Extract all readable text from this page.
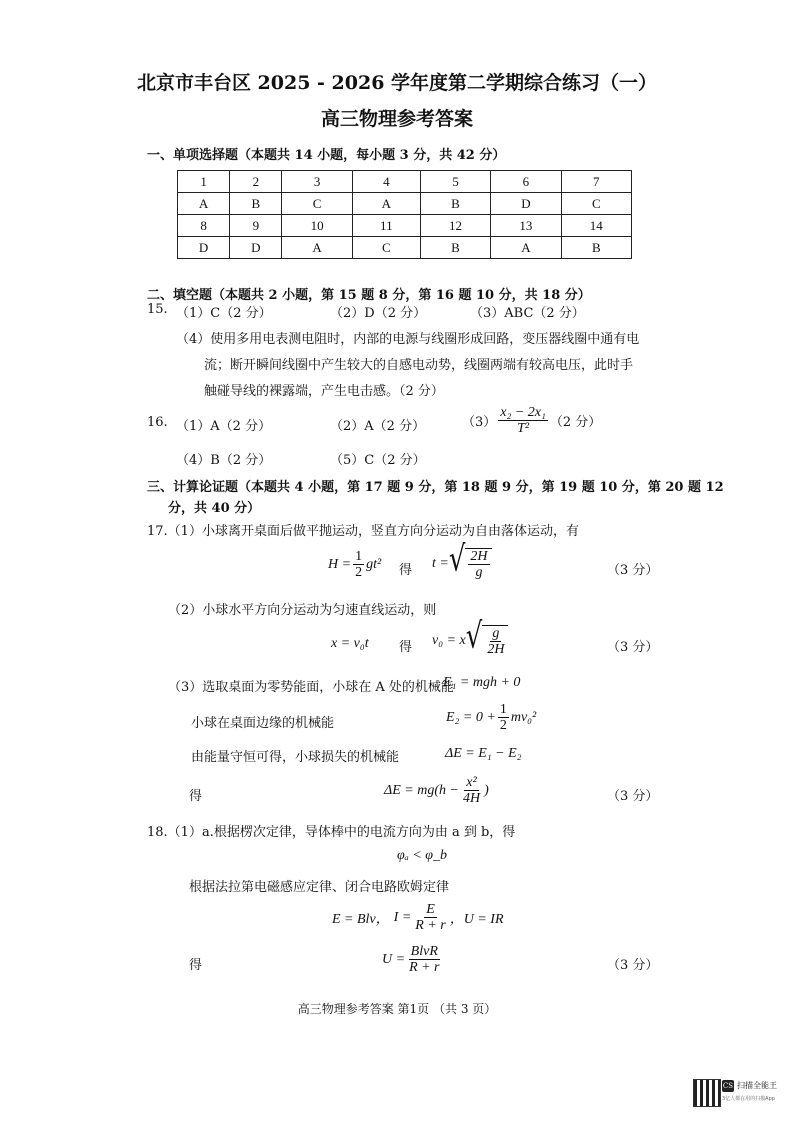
北京市丰台区 2025 - 2026 学年度第二学期综合练习（一）
高三物理参考答案
一、单项选择题（本题共 14 小题，每小题 3 分，共 42 分）
1	2	3	4	5	6	7
A	B	C	A	B	D	C
8	9	10	11	12	13	14
D	D	A	C	B	A	B
二、填空题（本题共 2 小题，第 15 题 8 分，第 16 题 10 分，共 18 分）
15. （1）C（2 分）	（2）D（2 分）	（3）ABC（2 分）
（4）使用多用电表测电阻时，内部的电源与线圈形成回路，变压器线圈中通有电
流；断开瞬间线圈中产生较大的自感电动势，线圈两端有较高电压，此时手
触碰导线的裸露端，产生电击感。（2 分）
16. （1）A（2 分）	（2）A（2 分）	$(3) \frac{\text{x₂ − 2x₁}}{\text{T²}} (2$ 分）
（4）B（2 分）	（5）C（2 分）
三、计算论证题（本题共 4 小题，第 17 题 9 分，第 18 题 9 分，第 19 题 10 分，第 20 题 12
分，共 40 分）
17.（1）小球离开桌面后做平抛运动，竖直方向分运动为自由落体运动，有
$H = \frac{1}{2} gt^2$ 得 t = √ $\frac{2H}{g}$	（3 分）
（2）小球水平方向分运动为匀速直线运动，则
x = v₀t 得 v₀ = x √ $\frac{g}{2H}$	（3 分）
（3）选取桌面为零势能面，小球在 A 处的机械能
E₁ = mgh + 0
小球在桌面边缘的机械能	$E_2 = 0 + \frac{1}{2} mv_0^2$
由能量守恒可得，小球损失的机械能	ΔE = E₁ − E₂
得	$\Delta E = mg(h - \frac{\text{x²}}{4H}$ )	（3 分）
18.（1）a.根据楞次定律，导体棒中的电流方向为由 a 到 b，得
φₐ < φ_b
根据法拉第电磁感应定律、闭合电路欧姆定律
E = Blv， $I = \frac{E}{R + r}$ ，U = IR
得	$U = \frac{\text{BlvR}}{R + r}$	（3 分）
高三物理参考答案 第1页 （共 3 页）
CS 扫描全能王
3亿人都在用的扫描App
